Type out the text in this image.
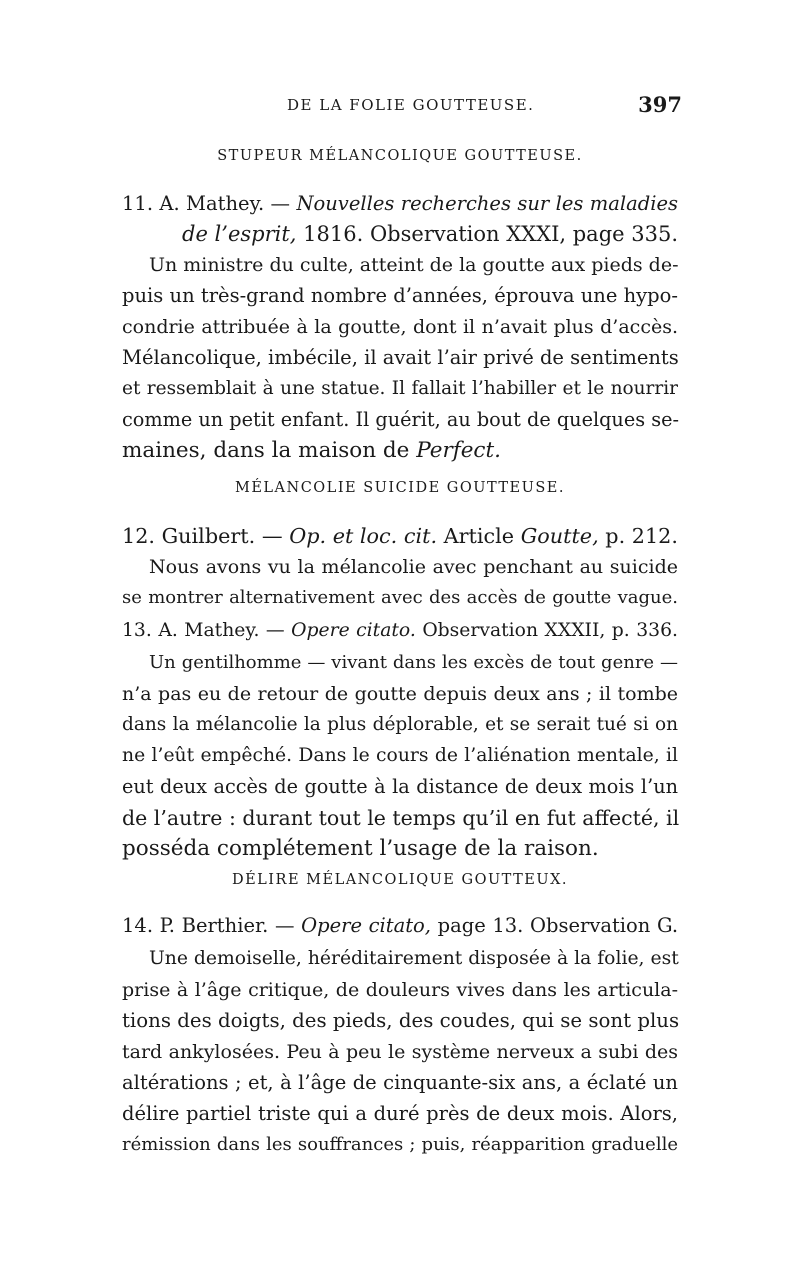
DE LA FOLIE GOUTTEUSE.	397
STUPEUR MÉLANCOLIQUE GOUTTEUSE.
11. A. Mathey. — Nouvelles recherches sur les maladies
de l’esprit, 1816. Observation XXXI, page 335.
Un ministre du culte, atteint de la goutte aux pieds de-
puis un très-grand nombre d’années, éprouva une hypo-
condrie attribuée à la goutte, dont il n’avait plus d’accès.
Mélancolique, imbécile, il avait l’air privé de sentiments
et ressemblait à une statue. Il fallait l’habiller et le nourrir
comme un petit enfant. Il guérit, au bout de quelques se-
maines, dans la maison de Perfect.
MÉLANCOLIE SUICIDE GOUTTEUSE.
12. Guilbert. — Op. et loc. cit. Article Goutte, p. 212.
Nous avons vu la mélancolie avec penchant au suicide
se montrer alternativement avec des accès de goutte vague.
13. A. Mathey. — Opere citato. Observation XXXII, p. 336.
Un gentilhomme — vivant dans les excès de tout genre —
n’a pas eu de retour de goutte depuis deux ans ; il tombe
dans la mélancolie la plus déplorable, et se serait tué si on
ne l’eût empêché. Dans le cours de l’aliénation mentale, il
eut deux accès de goutte à la distance de deux mois l’un
de l’autre : durant tout le temps qu’il en fut affecté, il
posséda complétement l’usage de la raison.
DÉLIRE MÉLANCOLIQUE GOUTTEUX.
14. P. Berthier. — Opere citato, page 13. Observation G.
Une demoiselle, héréditairement disposée à la folie, est
prise à l’âge critique, de douleurs vives dans les articula-
tions des doigts, des pieds, des coudes, qui se sont plus
tard ankylosées. Peu à peu le système nerveux a subi des
altérations ; et, à l’âge de cinquante-six ans, a éclaté un
délire partiel triste qui a duré près de deux mois. Alors,
rémission dans les souffrances ; puis, réapparition graduelle
